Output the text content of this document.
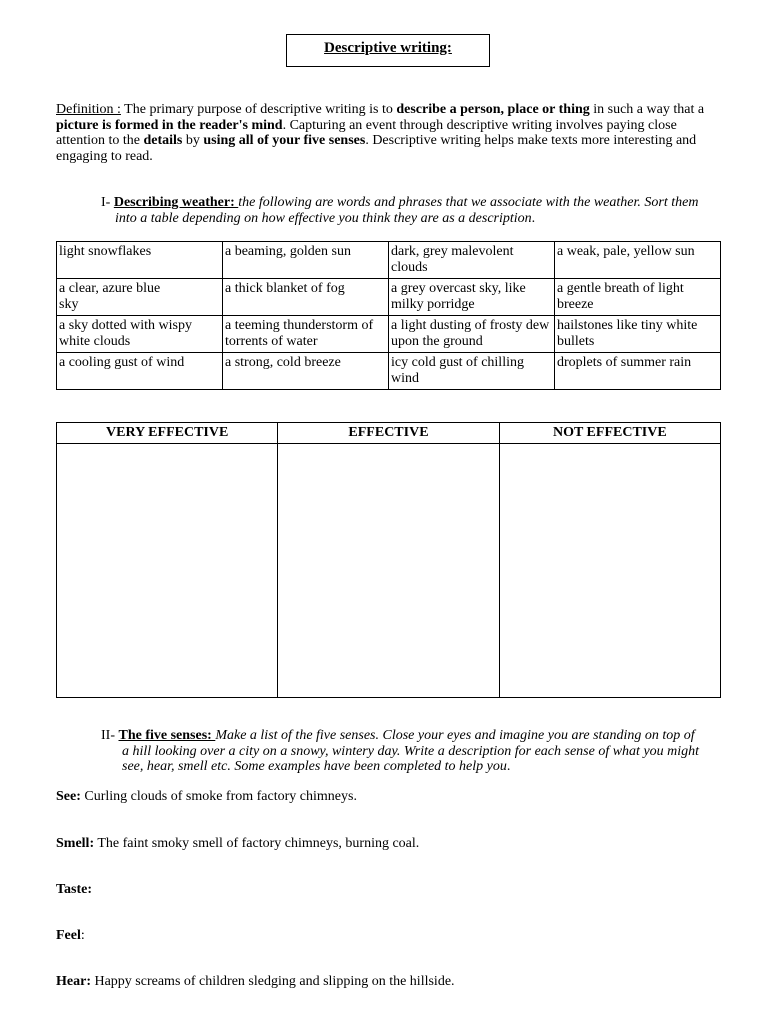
Descriptive writing:
Definition : The primary purpose of descriptive writing is to describe a person, place or thing in such a way that a picture is formed in the reader's mind. Capturing an event through descriptive writing involves paying close attention to the details by using all of your five senses. Descriptive writing helps make texts more interesting and engaging to read.
I- Describing weather: the following are words and phrases that we associate with the weather. Sort them into a table depending on how effective you think they are as a description.
light snowflakes	a beaming, golden sun	dark, grey malevolent clouds	a weak, pale, yellow sun
a clear, azure blue sky	a thick blanket of fog	a grey overcast sky, like milky porridge	a gentle breath of light breeze
a sky dotted with wispy white clouds	a teeming thunderstorm of torrents of water	a light dusting of frosty dew upon the ground	hailstones like tiny white bullets
a cooling gust of wind	a strong, cold breeze	icy cold gust of chilling wind	droplets of summer rain
VERY EFFECTIVE	EFFECTIVE	NOT EFFECTIVE

II- The five senses: Make a list of the five senses. Close your eyes and imagine you are standing on top of a hill looking over a city on a snowy, wintery day. Write a description for each sense of what you might see, hear, smell etc. Some examples have been completed to help you.
See: Curling clouds of smoke from factory chimneys.
Smell: The faint smoky smell of factory chimneys, burning coal.
Taste:
Feel:
Hear: Happy screams of children sledging and slipping on the hillside.
